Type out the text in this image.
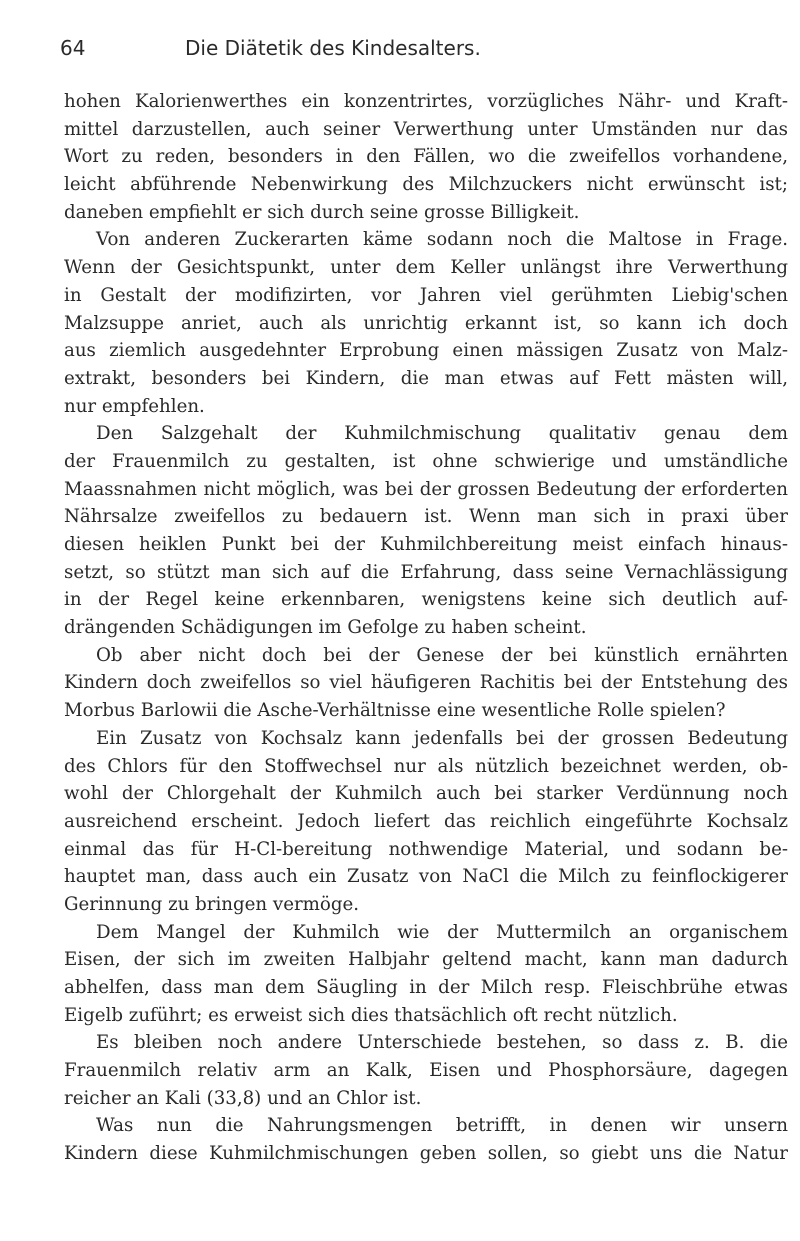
64	Die Diätetik des Kindesalters.
hohen Kalorienwerthes ein konzentrirtes, vorzügliches Nähr- und Kraft-
mittel darzustellen, auch seiner Verwerthung unter Umständen nur das
Wort zu reden, besonders in den Fällen, wo die zweifellos vorhandene,
leicht abführende Nebenwirkung des Milchzuckers nicht erwünscht ist;
daneben empfiehlt er sich durch seine grosse Billigkeit.
Von anderen Zuckerarten käme sodann noch die Maltose in Frage.
Wenn der Gesichtspunkt, unter dem Keller unlängst ihre Verwerthung
in Gestalt der modifizirten, vor Jahren viel gerühmten Liebig'schen
Malzsuppe anriet, auch als unrichtig erkannt ist, so kann ich doch
aus ziemlich ausgedehnter Erprobung einen mässigen Zusatz von Malz-
extrakt, besonders bei Kindern, die man etwas auf Fett mästen will,
nur empfehlen.
Den Salzgehalt der Kuhmilchmischung qualitativ genau dem
der Frauenmilch zu gestalten, ist ohne schwierige und umständliche
Maassnahmen nicht möglich, was bei der grossen Bedeutung der erforderten
Nährsalze zweifellos zu bedauern ist. Wenn man sich in praxi über
diesen heiklen Punkt bei der Kuhmilchbereitung meist einfach hinaus-
setzt, so stützt man sich auf die Erfahrung, dass seine Vernachlässigung
in der Regel keine erkennbaren, wenigstens keine sich deutlich auf-
drängenden Schädigungen im Gefolge zu haben scheint.
Ob aber nicht doch bei der Genese der bei künstlich ernährten
Kindern doch zweifellos so viel häufigeren Rachitis bei der Entstehung des
Morbus Barlowii die Asche-Verhältnisse eine wesentliche Rolle spielen?
Ein Zusatz von Kochsalz kann jedenfalls bei der grossen Bedeutung
des Chlors für den Stoffwechsel nur als nützlich bezeichnet werden, ob-
wohl der Chlorgehalt der Kuhmilch auch bei starker Verdünnung noch
ausreichend erscheint. Jedoch liefert das reichlich eingeführte Kochsalz
einmal das für H-Cl-bereitung nothwendige Material, und sodann be-
hauptet man, dass auch ein Zusatz von NaCl die Milch zu feinflockigerer
Gerinnung zu bringen vermöge.
Dem Mangel der Kuhmilch wie der Muttermilch an organischem
Eisen, der sich im zweiten Halbjahr geltend macht, kann man dadurch
abhelfen, dass man dem Säugling in der Milch resp. Fleischbrühe etwas
Eigelb zuführt; es erweist sich dies thatsächlich oft recht nützlich.
Es bleiben noch andere Unterschiede bestehen, so dass z. B. die
Frauenmilch relativ arm an Kalk, Eisen und Phosphorsäure, dagegen
reicher an Kali (33,8) und an Chlor ist.
Was nun die Nahrungsmengen betrifft, in denen wir unsern
Kindern diese Kuhmilchmischungen geben sollen, so giebt uns die Natur
